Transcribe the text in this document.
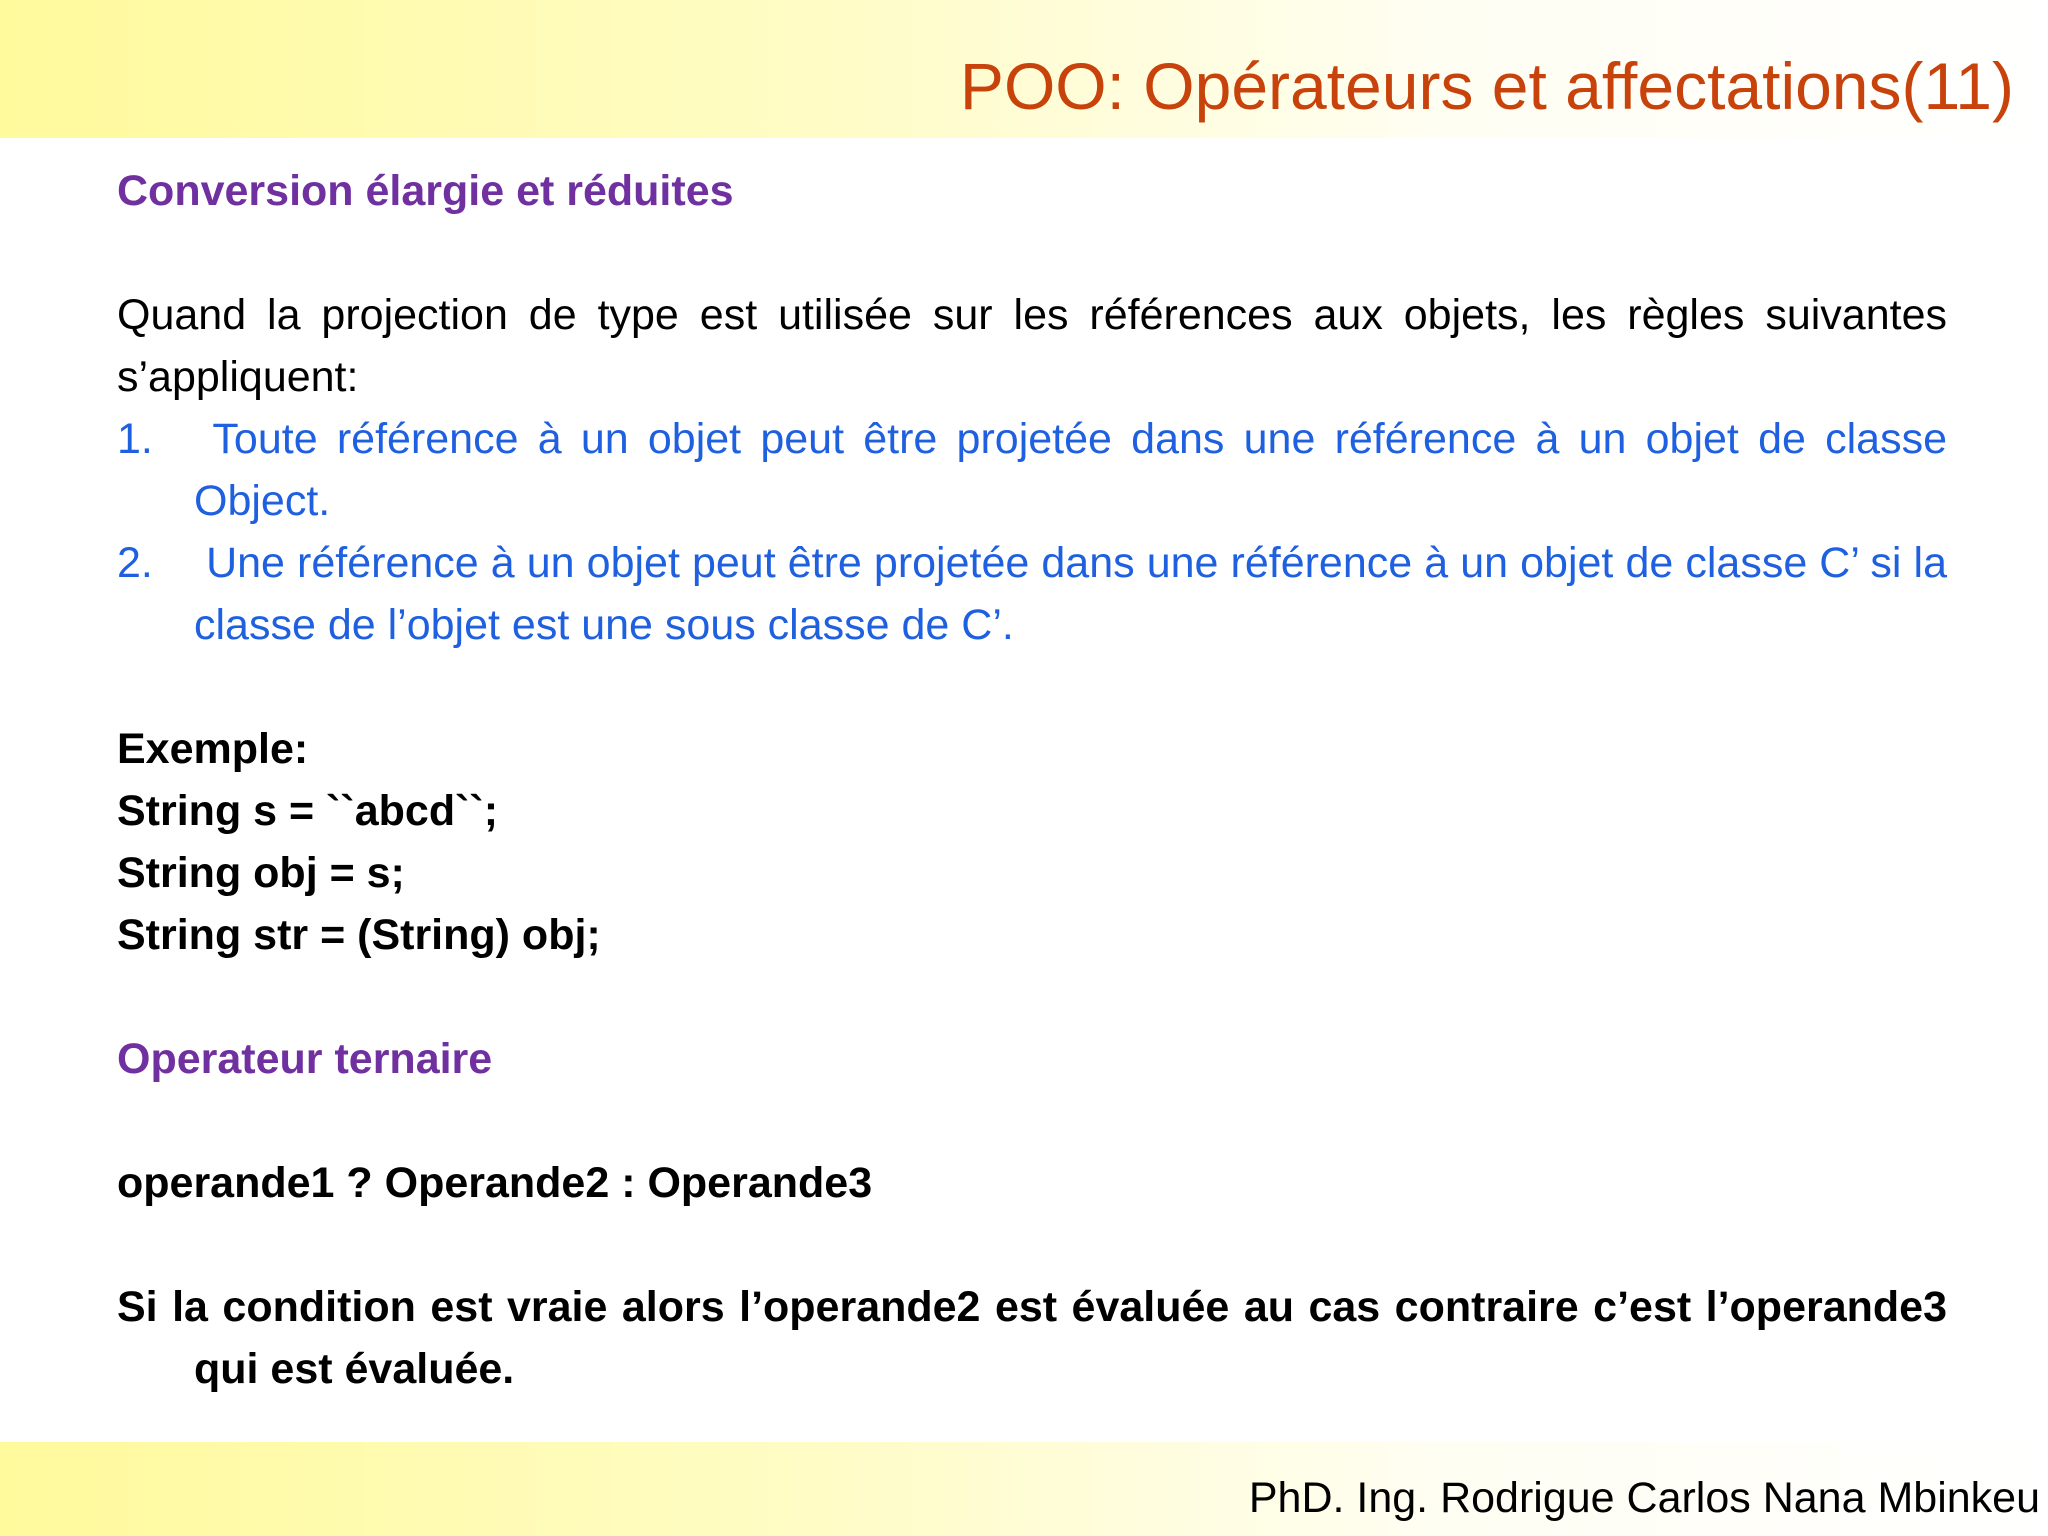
POO: Opérateurs et affectations(11)

Conversion élargie et réduites

Quand la projection de type est utilisée sur les références aux objets, les règles suivantes s’appliquent:

1. Toute référence à un objet peut être projetée dans une référence à un objet de classe Object.

2. Une référence à un objet peut être projetée dans une référence à un objet de classe C’ si la classe de l’objet est une sous classe de C’.

Exemple:

String s = ``abcd``;

String obj = s;

String str = (String) obj;

Operateur ternaire

operande1 ? Operande2 : Operande3

Si la condition est vraie alors l’operande2 est évaluée au cas contraire c’est l’operande3 qui est évaluée.

PhD. Ing. Rodrigue Carlos Nana Mbinkeu
